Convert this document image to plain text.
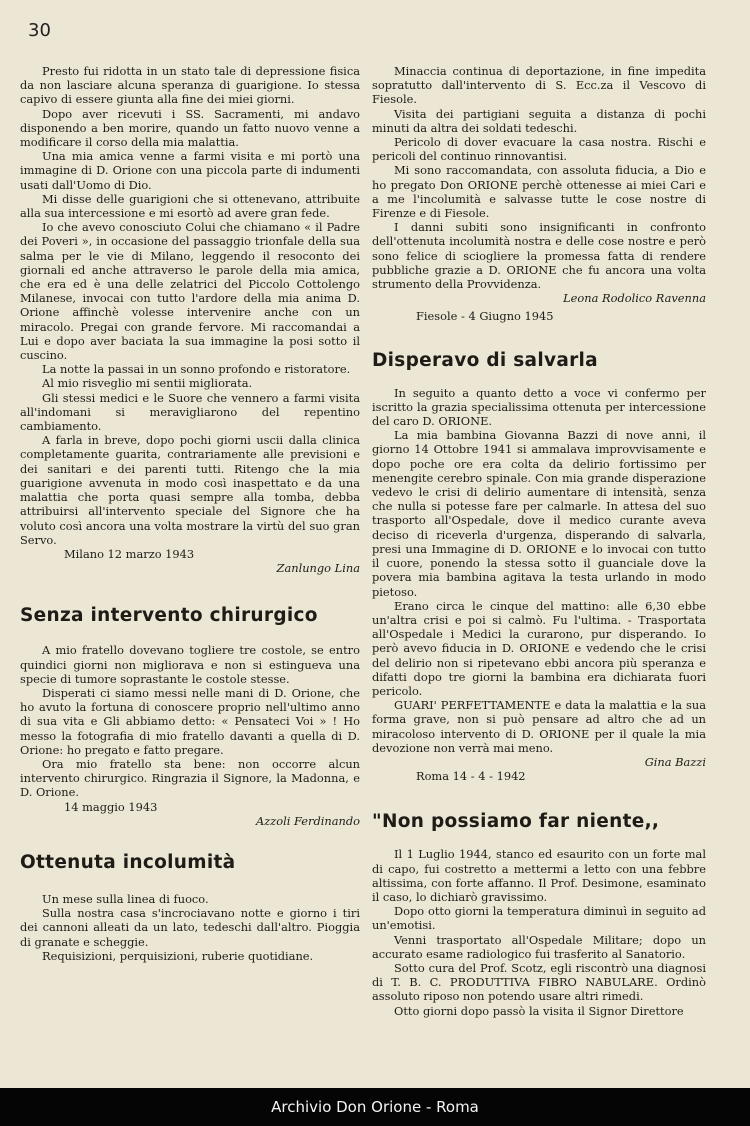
30

Presto fui ridotta in un stato tale di depressione fisica da non lasciare alcuna speranza di guarigione. Io stessa capivo di essere giunta alla fine dei miei giorni.

Dopo aver ricevuti i SS. Sacramenti, mi andavo disponendo a ben morire, quando un fatto nuovo venne a modificare il corso della mia malattia.

Una mia amica venne a farmi visita e mi portò una immagine di D. Orione con una piccola parte di indumenti usati dall'Uomo di Dio.

Mi disse delle guarigioni che si ottenevano, attribuite alla sua intercessione e mi esortò ad avere gran fede.

Io che avevo conosciuto Colui che chiamano « il Padre dei Poveri », in occasione del passaggio trionfale della sua salma per le vie di Milano, leggendo il resoconto dei giornali ed anche attraverso le parole della mia amica, che era ed è una delle zelatrici del Piccolo Cottolengo Milanese, invocai con tutto l'ardore della mia anima D. Orione affinchè volesse intervenire anche con un miracolo. Pregai con grande fervore. Mi raccomandai a Lui e dopo aver baciata la sua immagine la posi sotto il cuscino.

La notte la passai in un sonno profondo e ristoratore.

Al mio risveglio mi sentii migliorata.

Gli stessi medici e le Suore che vennero a farmi visita all'indomani si meravigliarono del repentino cambiamento.

A farla in breve, dopo pochi giorni uscii dalla clinica completamente guarita, contrariamente alle previsioni e dei sanitari e dei parenti tutti. Ritengo che la mia guarigione avvenuta in modo così inaspettato e da una malattia che porta quasi sempre alla tomba, debba attribuirsi all'intervento speciale del Signore che ha voluto così ancora una volta mostrare la virtù del suo gran Servo.

Milano 12 marzo 1943

Zanlungo Lina

Senza intervento chirurgico

A mio fratello dovevano togliere tre costole, se entro quindici giorni non migliorava e non si estingueva una specie di tumore soprastante le costole stesse.

Disperati ci siamo messi nelle mani di D. Orione, che ho avuto la fortuna di conoscere proprio nell'ultimo anno di sua vita e Gli abbiamo detto: « Pensateci Voi » ! Ho messo la fotografia di mio fratello davanti a quella di D. Orione: ho pregato e fatto pregare.

Ora mio fratello sta bene: non occorre alcun intervento chirurgico. Ringrazia il Signore, la Madonna, e D. Orione.

14 maggio 1943

Azzoli Ferdinando

Ottenuta incolumità

Un mese sulla linea di fuoco.

Sulla nostra casa s'incrociavano notte e giorno i tiri dei cannoni alleati da un lato, tedeschi dall'altro. Pioggia di granate e scheggie.

Requisizioni, perquisizioni, ruberie quotidiane.

Minaccia continua di deportazione, in fine impedita sopratutto dall'intervento di S. Ecc.za il Vescovo di Fiesole.

Visita dei partigiani seguita a distanza di pochi minuti da altra dei soldati tedeschi.

Pericolo di dover evacuare la casa nostra. Rischi e pericoli del continuo rinnovantisi.

Mi sono raccomandata, con assoluta fiducia, a Dio e ho pregato Don ORIONE perchè ottenesse ai miei Cari e a me l'incolumità e salvasse tutte le cose nostre di Firenze e di Fiesole.

I danni subiti sono insignificanti in confronto dell'ottenuta incolumità nostra e delle cose nostre e però sono felice di sciogliere la promessa fatta di rendere pubbliche grazie a D. ORIONE che fu ancora una volta strumento della Provvidenza.

Leona Rodolico Ravenna

Fiesole - 4 Giugno 1945

Disperavo di salvarla

In seguito a quanto detto a voce vi confermo per iscritto la grazia specialissima ottenuta per intercessione del caro D. ORIONE.

La mia bambina Giovanna Bazzi di nove anni, il giorno 14 Ottobre 1941 si ammalava improvvisamente e dopo poche ore era colta da delirio fortissimo per menengite cerebro spinale. Con mia grande disperazione vedevo le crisi di delirio aumentare di intensità, senza che nulla si potesse fare per calmarle. In attesa del suo trasporto all'Ospedale, dove il medico curante aveva deciso di riceverla d'urgenza, disperando di salvarla, presi una Immagine di D. ORIONE e lo invocai con tutto il cuore, ponendo la stessa sotto il guanciale dove la povera mia bambina agitava la testa urlando in modo pietoso.

Erano circa le cinque del mattino: alle 6,30 ebbe un'altra crisi e poi si calmò. Fu l'ultima. - Trasportata all'Ospedale i Medici la curarono, pur disperando. Io però avevo fiducia in D. ORIONE e vedendo che le crisi del delirio non si ripetevano ebbi ancora più speranza e difatti dopo tre giorni la bambina era dichiarata fuori pericolo.

GUARI' PERFETTAMENTE e data la malattia e la sua forma grave, non si può pensare ad altro che ad un miracoloso intervento di D. ORIONE per il quale la mia devozione non verrà mai meno.

Gina Bazzi

Roma 14 - 4 - 1942

"Non possiamo far niente,,

Il 1 Luglio 1944, stanco ed esaurito con un forte mal di capo, fui costretto a mettermi a letto con una febbre altissima, con forte affanno. Il Prof. Desimone, esaminato il caso, lo dichiarò gravissimo.

Dopo otto giorni la temperatura diminuì in seguito ad un'emotisi.

Venni trasportato all'Ospedale Militare; dopo un accurato esame radiologico fui trasferito al Sanatorio.

Sotto cura del Prof. Scotz, egli riscontrò una diagnosi di T. B. C. PRODUTTIVA FIBRO NABULARE. Ordinò assoluto riposo non potendo usare altri rimedi.

Otto giorni dopo passò la visita il Signor Direttore

Archivio Don Orione - Roma
